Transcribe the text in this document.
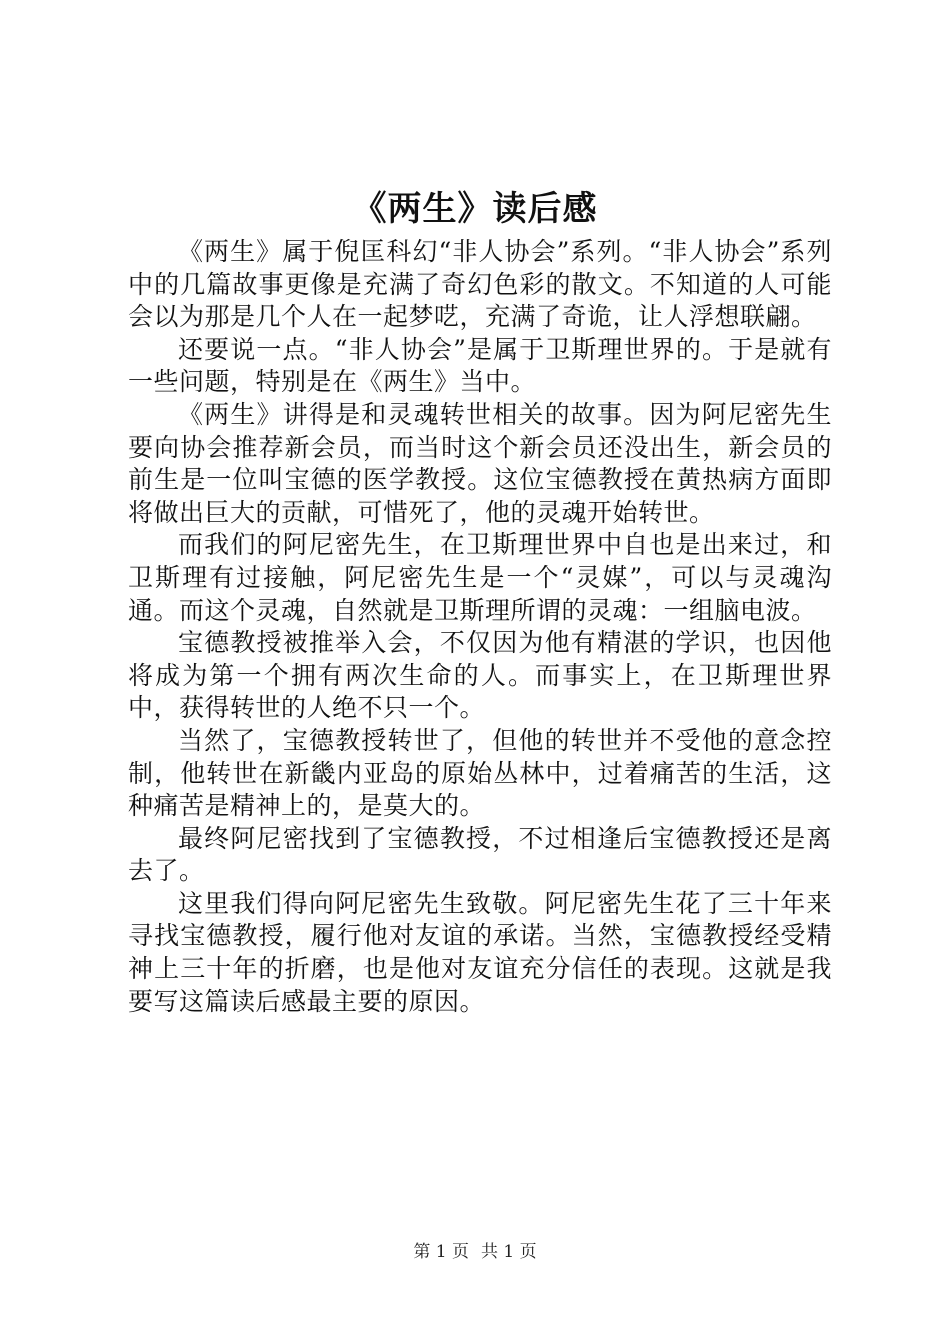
《两生》读后感

《两生》属于倪匡科幻“非人协会”系列。“非人协会”系列中的几篇故事更像是充满了奇幻色彩的散文。不知道的人可能会以为那是几个人在一起梦呓，充满了奇诡，让人浮想联翩。

还要说一点。“非人协会”是属于卫斯理世界的。于是就有一些问题，特别是在《两生》当中。

《两生》讲得是和灵魂转世相关的故事。因为阿尼密先生要向协会推荐新会员，而当时这个新会员还没出生，新会员的前生是一位叫宝德的医学教授。这位宝德教授在黄热病方面即将做出巨大的贡献，可惜死了，他的灵魂开始转世。

而我们的阿尼密先生，在卫斯理世界中自也是出来过，和卫斯理有过接触，阿尼密先生是一个“灵媒”，可以与灵魂沟通。而这个灵魂，自然就是卫斯理所谓的灵魂：一组脑电波。

宝德教授被推举入会，不仅因为他有精湛的学识，也因他将成为第一个拥有两次生命的人。而事实上，在卫斯理世界中，获得转世的人绝不只一个。

当然了，宝德教授转世了，但他的转世并不受他的意念控制，他转世在新畿内亚岛的原始丛林中，过着痛苦的生活，这种痛苦是精神上的，是莫大的。

最终阿尼密找到了宝德教授，不过相逢后宝德教授还是离去了。

这里我们得向阿尼密先生致敬。阿尼密先生花了三十年来寻找宝德教授，履行他对友谊的承诺。当然，宝德教授经受精神上三十年的折磨，也是他对友谊充分信任的表现。这就是我要写这篇读后感最主要的原因。

第 1 页 共 1 页
